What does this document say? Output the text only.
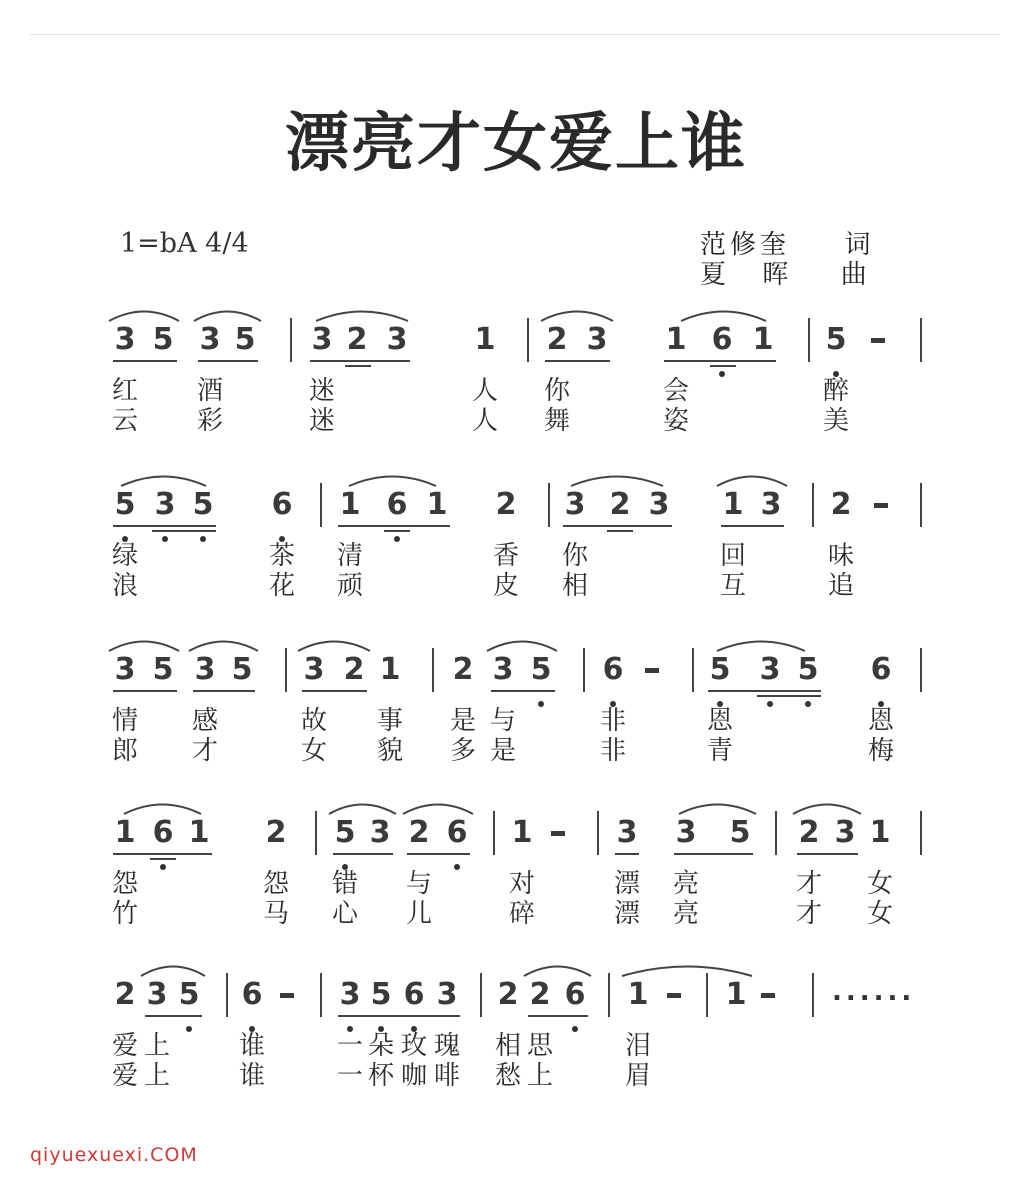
漂亮才女爱上谁
1=bA 4/4	范修奎 词
夏 晖 曲
3 5 3 5	3 2 3	1	2 3	1 6 1	5
红 酒	迷	人 你	会	醉
云 彩	迷	人 舞	姿	美
5 3 5	6	1 6 1	2	3 2 3	1 3	2
绿	茶 清	香 你	回	味
浪	花 顽	皮 相	互	追
3 5 3 5	3 2 1	2 3 5	6	5 3 5	6
情 感	故 事 是 与	非	恩	恩
郎 才	女 貌 多 是	非	青	梅
1 6 1	2	5 3 2 6	1	3	3	5	2 3 1
怨	怨 错 与	对	漂 亮	才 女
竹	马 心 儿	碎	漂 亮	才 女
2 3 5	6	3 5 6 3	2 2 6	1	1	......
爱 上	谁	一 朵 玫 瑰 相 思	泪
爱 上	谁	一 杯 咖 啡 愁 上	眉
qiyuexuexi.COM
